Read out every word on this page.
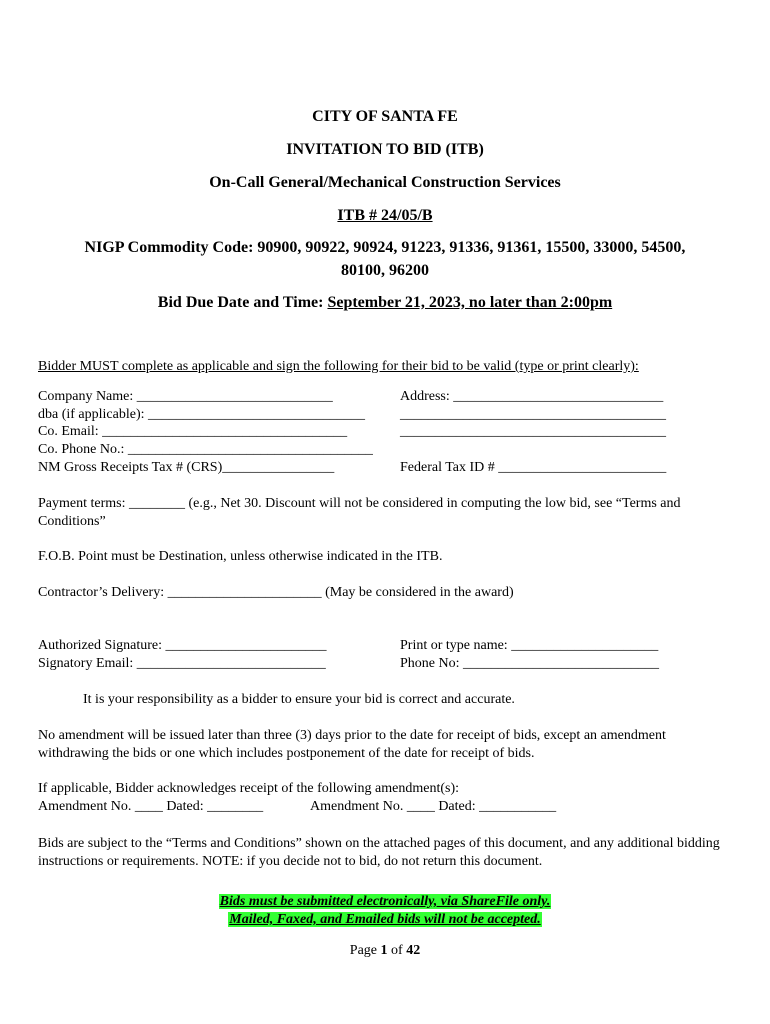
CITY OF SANTA FE
INVITATION TO BID (ITB)
On-Call General/Mechanical Construction Services
ITB # 24/05/B
NIGP Commodity Code: 90900, 90922, 90924, 91223, 91336, 91361, 15500, 33000, 54500,
80100, 96200
Bid Due Date and Time: September 21, 2023, no later than 2:00pm
Bidder MUST complete as applicable and sign the following for their bid to be valid (type or print clearly):
Company Name: ____________________________
dba (if applicable): _______________________________
Co. Email: ___________________________________
Co. Phone No.: ___________________________________
NM Gross Receipts Tax # (CRS)________________
Address: ______________________________
______________________________________
______________________________________
Federal Tax ID # ________________________
Payment terms: ________ (e.g., Net 30. Discount will not be considered in computing the low bid, see “Terms and Conditions”
F.O.B. Point must be Destination, unless otherwise indicated in the ITB.
Contractor’s Delivery: ______________________ (May be considered in the award)
Authorized Signature: _______________________
Signatory Email: ___________________________
Print or type name: _____________________
Phone No: ____________________________
It is your responsibility as a bidder to ensure your bid is correct and accurate.
No amendment will be issued later than three (3) days prior to the date for receipt of bids, except an amendment withdrawing the bids or one which includes postponement of the date for receipt of bids.
If applicable, Bidder acknowledges receipt of the following amendment(s):
Amendment No. ____ Dated: ________	Amendment No. ____ Dated: ___________
Bids are subject to the “Terms and Conditions” shown on the attached pages of this document, and any additional bidding instructions or requirements. NOTE: if you decide not to bid, do not return this document.
Bids must be submitted electronically, via ShareFile only.
Mailed, Faxed, and Emailed bids will not be accepted.
Page 1 of 42
